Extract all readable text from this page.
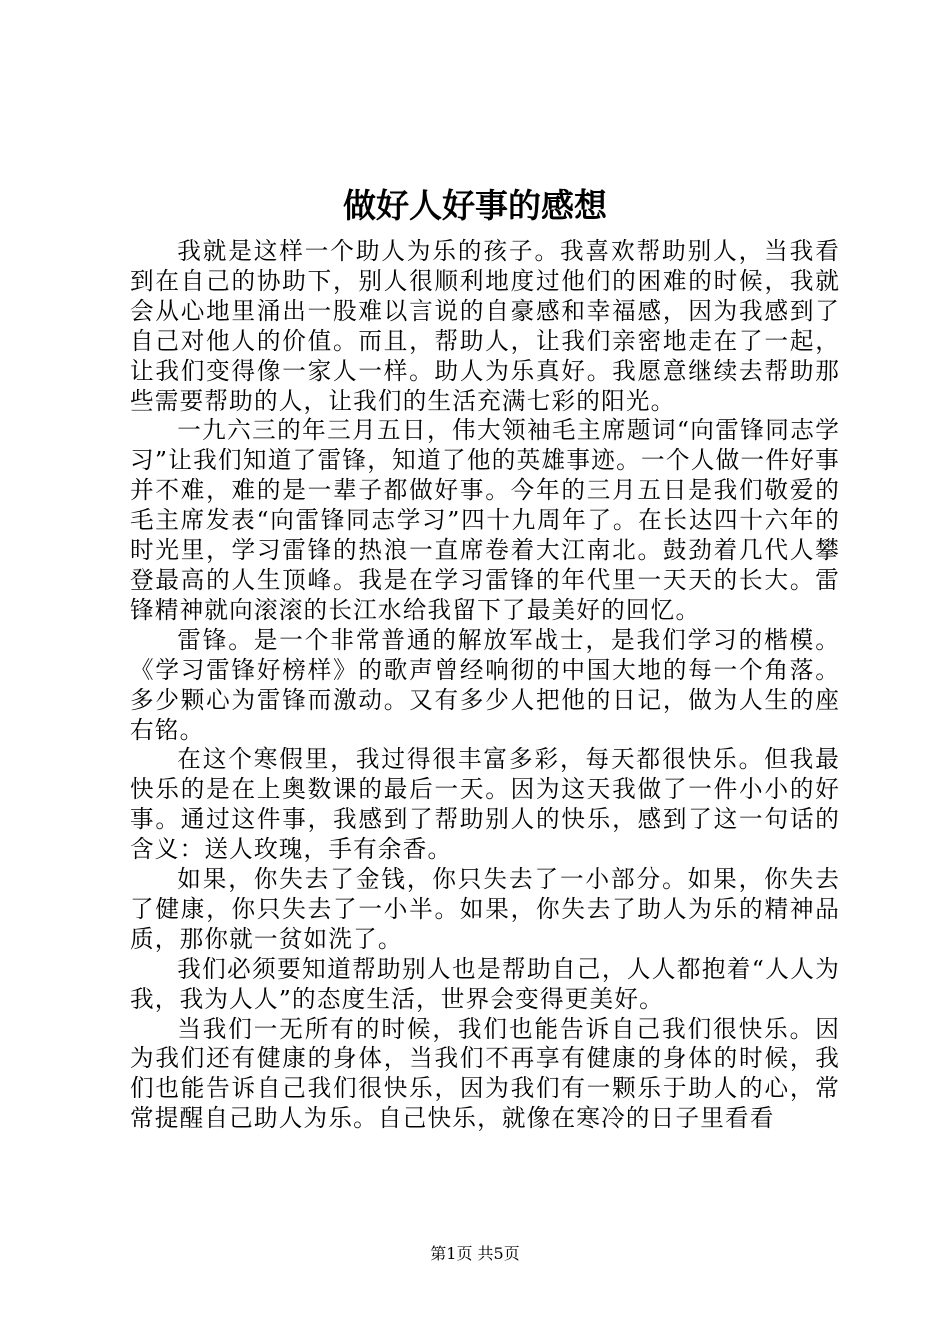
做好人好事的感想

我就是这样一个助人为乐的孩子。我喜欢帮助别人，当我看到在自己的协助下，别人很顺利地度过他们的困难的时候，我就会从心地里涌出一股难以言说的自豪感和幸福感，因为我感到了自己对他人的价值。而且，帮助人，让我们亲密地走在了一起，让我们变得像一家人一样。助人为乐真好。我愿意继续去帮助那些需要帮助的人，让我们的生活充满七彩的阳光。

一九六三的年三月五日，伟大领袖毛主席题词“向雷锋同志学习”让我们知道了雷锋，知道了他的英雄事迹。一个人做一件好事并不难，难的是一辈子都做好事。今年的三月五日是我们敬爱的毛主席发表“向雷锋同志学习”四十九周年了。在长达四十六年的时光里，学习雷锋的热浪一直席卷着大江南北。鼓劲着几代人攀登最高的人生顶峰。我是在学习雷锋的年代里一天天的长大。雷锋精神就向滚滚的长江水给我留下了最美好的回忆。

雷锋。是一个非常普通的解放军战士，是我们学习的楷模。《学习雷锋好榜样》的歌声曾经响彻的中国大地的每一个角落。多少颗心为雷锋而激动。又有多少人把他的日记，做为人生的座右铭。

在这个寒假里，我过得很丰富多彩，每天都很快乐。但我最快乐的是在上奥数课的最后一天。因为这天我做了一件小小的好事。通过这件事，我感到了帮助别人的快乐，感到了这一句话的含义：送人玫瑰，手有余香。

如果，你失去了金钱，你只失去了一小部分。如果，你失去了健康，你只失去了一小半。如果，你失去了助人为乐的精神品质，那你就一贫如洗了。

我们必须要知道帮助别人也是帮助自己，人人都抱着“人人为我，我为人人”的态度生活，世界会变得更美好。

当我们一无所有的时候，我们也能告诉自己我们很快乐。因为我们还有健康的身体，当我们不再享有健康的身体的时候，我们也能告诉自己我们很快乐，因为我们有一颗乐于助人的心，常常提醒自己助人为乐。自己快乐，就像在寒冷的日子里看看

第1页 共5页
